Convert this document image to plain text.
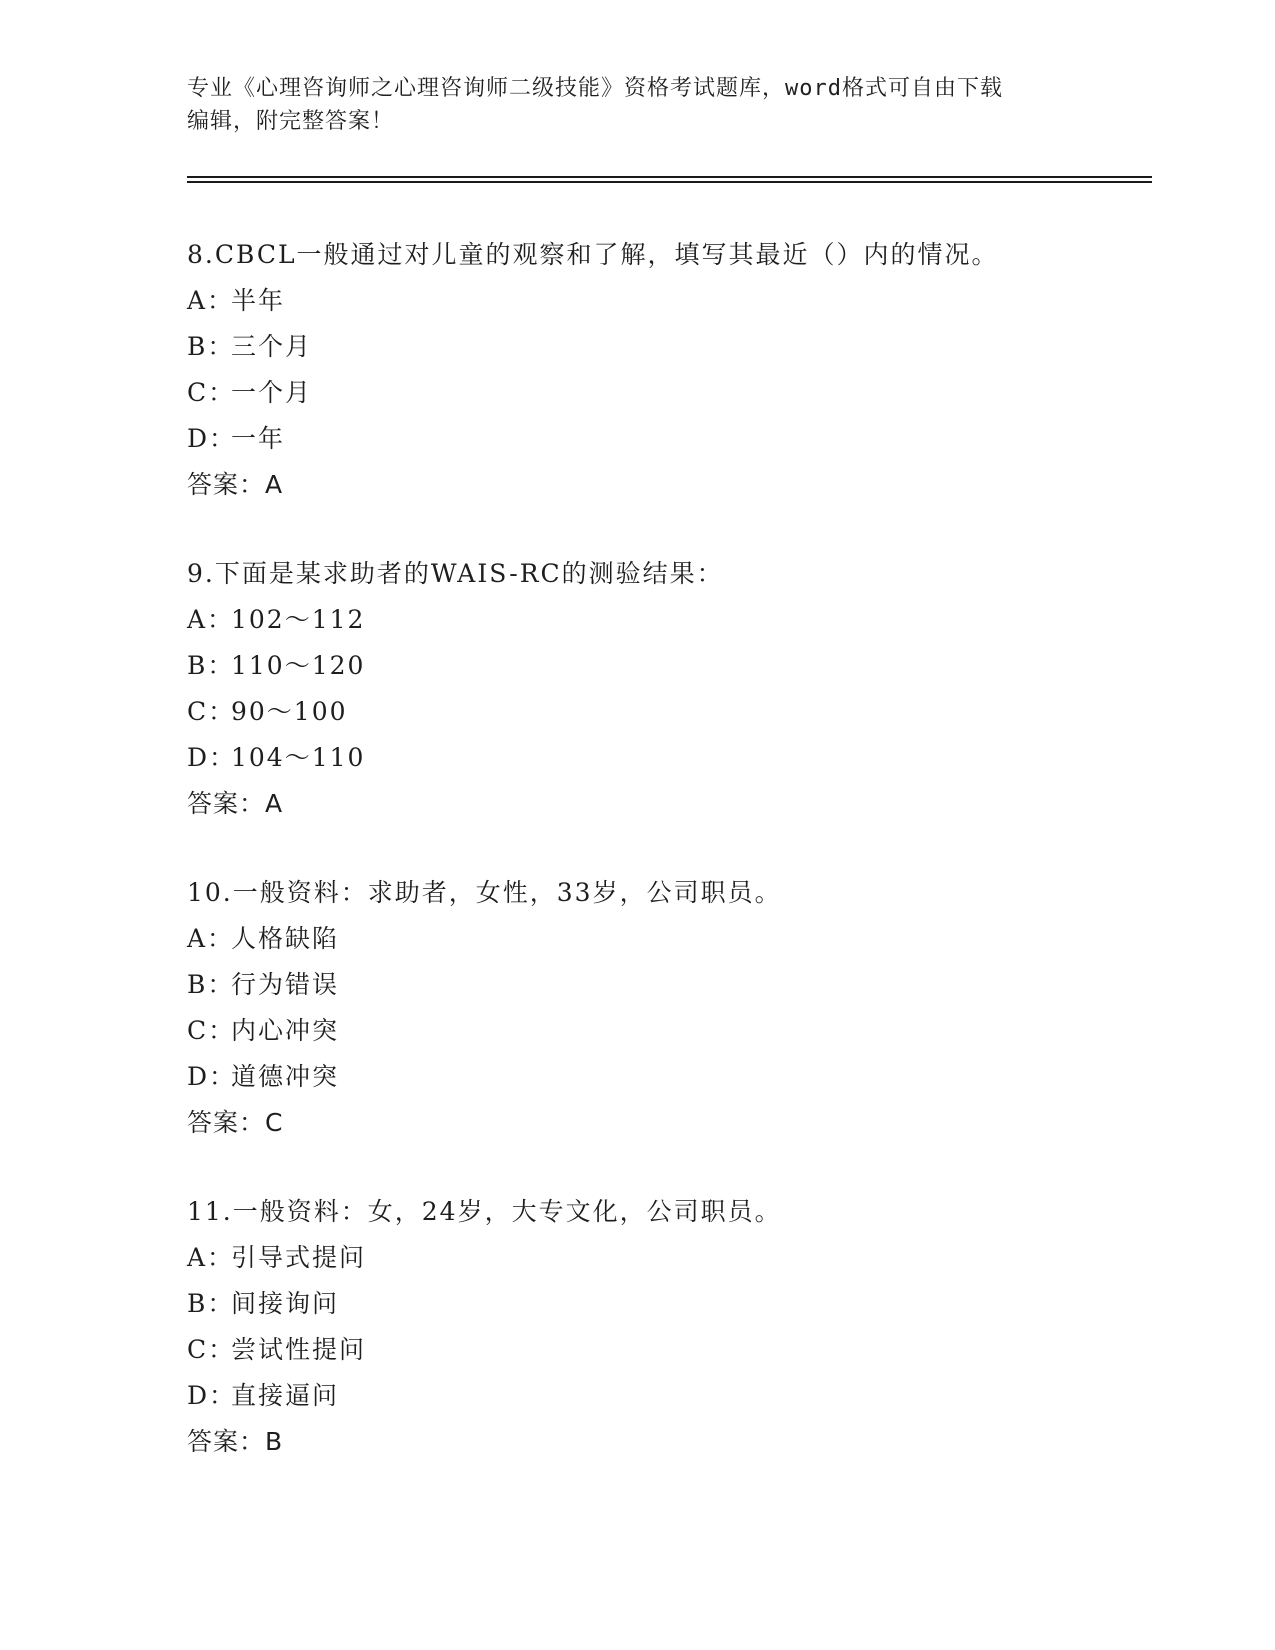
专业《心理咨询师之心理咨询师二级技能》资格考试题库，word格式可自由下载
编辑，附完整答案！
8.CBCL一般通过对儿童的观察和了解，填写其最近（）内的情况。
A：半年
B：三个月
C：一个月
D：一年
答案：A
9.下面是某求助者的WAIS-RC的测验结果：
A：102～112
B：110～120
C：90～100
D：104～110
答案：A
10.一般资料：求助者，女性，33岁，公司职员。
A：人格缺陷
B：行为错误
C：内心冲突
D：道德冲突
答案：C
11.一般资料：女，24岁，大专文化，公司职员。
A：引导式提问
B：间接询问
C：尝试性提问
D：直接逼问
答案：B
